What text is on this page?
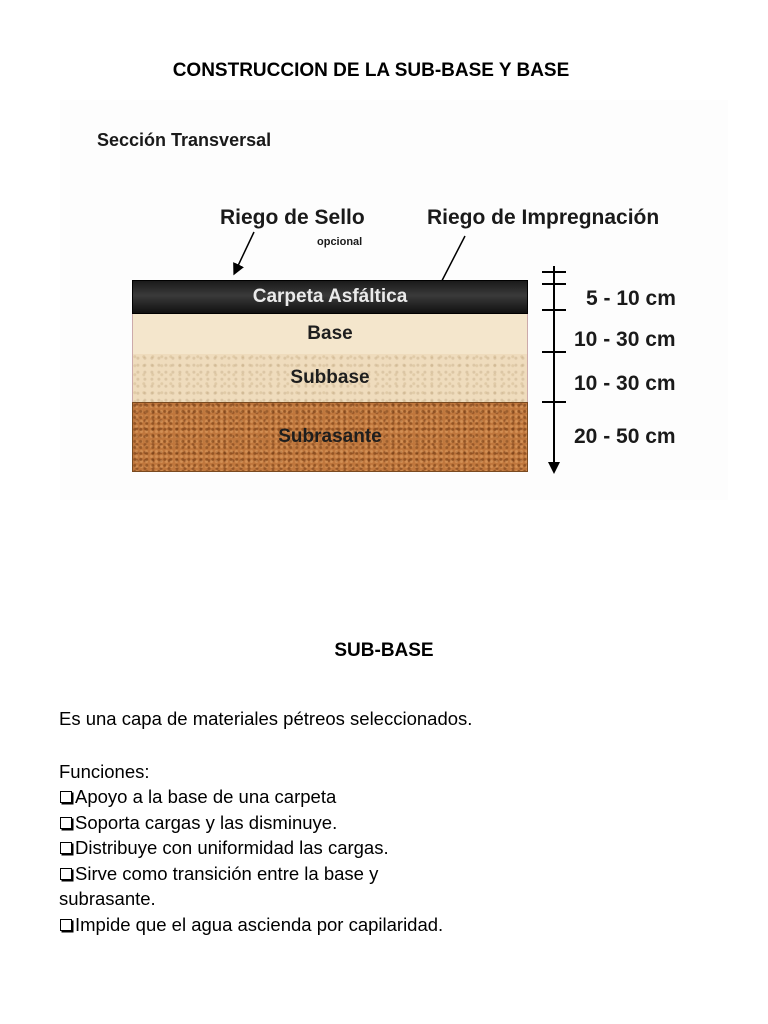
CONSTRUCCION DE LA SUB-BASE Y BASE
Sección Transversal
Riego de Sello
opcional
Riego de Impregnación
Carpeta Asfáltica
Base
Subbase
Subrasante
5 - 10 cm
10 - 30 cm
10 - 30 cm
20 - 50 cm
SUB-BASE
Es una capa de materiales pétreos seleccionados.
Funciones:
Apoyo a la base de una carpeta
Soporta cargas y las disminuye.
Distribuye con uniformidad las cargas.
Sirve como transición entre la base y subrasante.
Impide que el agua ascienda por capilaridad.
